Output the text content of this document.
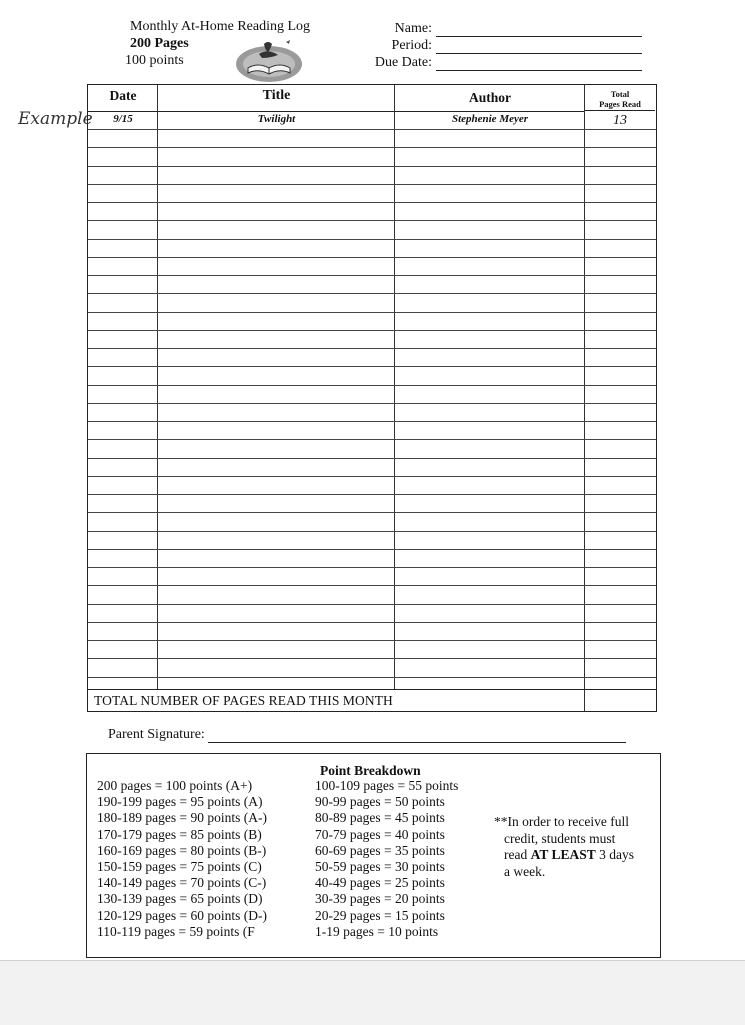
Monthly At-Home Reading Log
200 Pages
100 points
Name:
Period:
Due Date:
Example
Date	Title	Author	Total
Pages Read
9/15	Twilight	Stephenie Meyer	13
TOTAL NUMBER OF PAGES READ THIS MONTH
Parent Signature:
Point Breakdown
200 pages = 100 points (A+)
190-199 pages = 95 points (A)
180-189 pages = 90 points (A-)
170-179 pages = 85 points (B)
160-169 pages = 80 points (B-)
150-159 pages = 75 points (C)
140-149 pages = 70 points (C-)
130-139 pages = 65 points (D)
120-129 pages = 60 points (D-)
110-119 pages = 59 points (F
100-109 pages = 55 points
90-99 pages = 50 points
80-89 pages = 45 points
70-79 pages = 40 points
60-69 pages = 35 points
50-59 pages = 30 points
40-49 pages = 25 points
30-39 pages = 20 points
20-29 pages = 15 points
1-19 pages = 10 points
**In order to receive full
credit, students must
read AT LEAST 3 days
a week.
